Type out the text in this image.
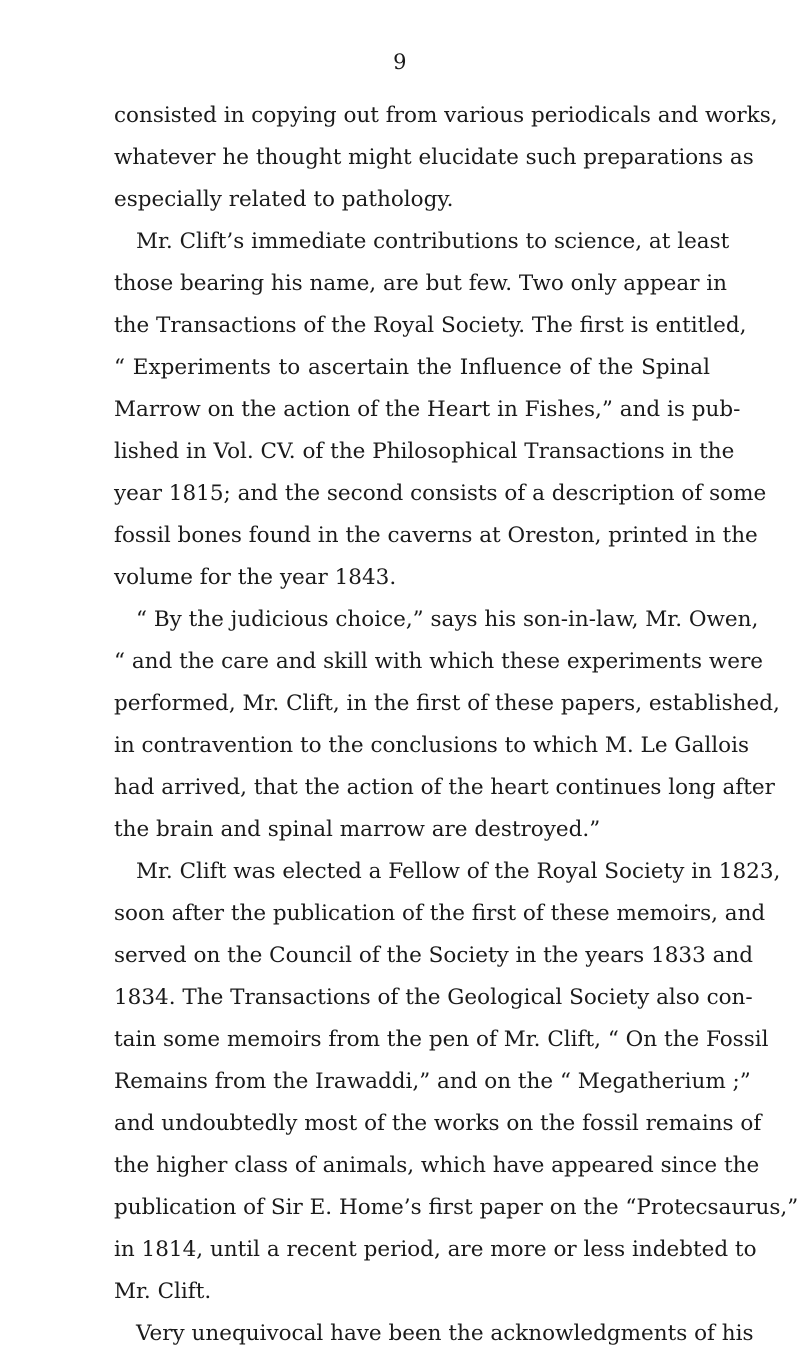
9
consisted in copying out from various periodicals and works,
whatever he thought might elucidate such preparations as
especially related to pathology.
Mr. Clift’s immediate contributions to science, at least
those bearing his name, are but few. Two only appear in
the Transactions of the Royal Society. The first is entitled,
“ Experiments to ascertain the Influence of the Spinal
Marrow on the action of the Heart in Fishes,” and is pub-
lished in Vol. CV. of the Philosophical Transactions in the
year 1815; and the second consists of a description of some
fossil bones found in the caverns at Oreston, printed in the
volume for the year 1843.
“ By the judicious choice,” says his son-in-law, Mr. Owen,
“ and the care and skill with which these experiments were
performed, Mr. Clift, in the first of these papers, established,
in contravention to the conclusions to which M. Le Gallois
had arrived, that the action of the heart continues long after
the brain and spinal marrow are destroyed.”
Mr. Clift was elected a Fellow of the Royal Society in 1823,
soon after the publication of the first of these memoirs, and
served on the Council of the Society in the years 1833 and
1834. The Transactions of the Geological Society also con-
tain some memoirs from the pen of Mr. Clift, “ On the Fossil
Remains from the Irawaddi,” and on the “ Megatherium ;”
and undoubtedly most of the works on the fossil remains of
the higher class of animals, which have appeared since the
publication of Sir E. Home’s first paper on the “Protecsaurus,”
in 1814, until a recent period, are more or less indebted to
Mr. Clift.
Very unequivocal have been the acknowledgments of his
